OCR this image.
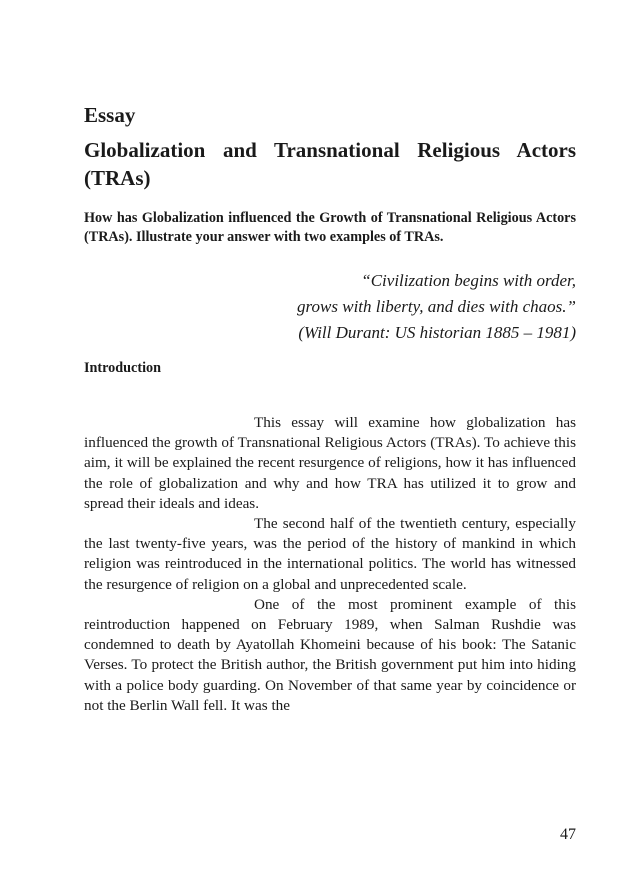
Essay
Globalization and Transnational Religious Actors (TRAs)

How has Globalization influenced the Growth of Transnational Religious Actors (TRAs). Illustrate your answer with two examples of TRAs.

“Civilization begins with order,
grows with liberty, and dies with chaos.”
(Will Durant: US historian 1885 – 1981)
Introduction

This essay will examine how globalization has influenced the growth of Transnational Religious Actors (TRAs). To achieve this aim, it will be explained the recent resurgence of religions, how it has influenced the role of globalization and why and how TRA has utilized it to grow and spread their ideals and ideas.

The second half of the twentieth century, especially the last twenty-five years, was the period of the history of mankind in which religion was reintroduced in the international politics. The world has witnessed the resurgence of religion on a global and unprecedented scale.

One of the most prominent example of this reintroduction happened on February 1989, when Salman Rushdie was condemned to death by Ayatollah Khomeini because of his book: The Satanic Verses. To protect the British author, the British government put him into hiding with a police body guarding. On November of that same year by coincidence or not the Berlin Wall fell. It was the

47
